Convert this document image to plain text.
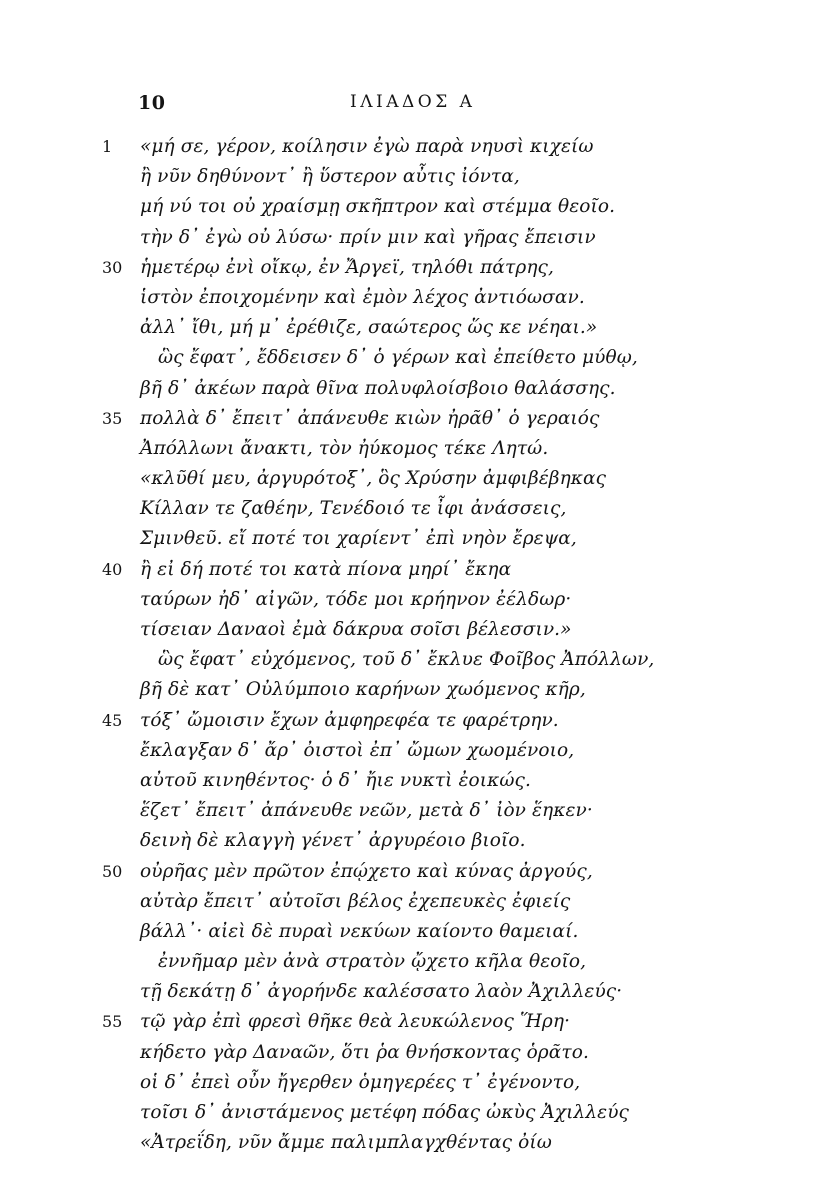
10	ΙΛΙΑΔΟΣ Α
1	«μή σε, γέρον, κοίλησιν ἐγὼ παρὰ νηυσὶ κιχείω
ἢ νῦν δηθύνοντ᾽ ἢ ὕστερον αὖτις ἰόντα,
μή νύ τοι οὐ χραίσμῃ σκῆπτρον καὶ στέμμα θεοῖο.
τὴν δ᾽ ἐγὼ οὐ λύσω· πρίν μιν καὶ γῆρας ἔπεισιν
30 ἡμετέρῳ ἐνὶ οἴκῳ, ἐν Ἄργεϊ, τηλόθι πάτρης,
ἱστὸν ἐποιχομένην καὶ ἐμὸν λέχος ἀντιόωσαν.
ἀλλ᾽ ἴθι, μή μ᾽ ἐρέθιζε, σαώτερος ὥς κε νέηαι.»
ὣς ἔφατ᾽, ἔδδεισεν δ᾽ ὁ γέρων καὶ ἐπείθετο μύθῳ,
βῆ δ᾽ ἀκέων παρὰ θῖνα πολυφλοίσβοιο θαλάσσης.
35 πολλὰ δ᾽ ἔπειτ᾽ ἀπάνευθε κιὼν ἠρᾶθ᾽ ὁ γεραιός
Ἀπόλλωνι ἄνακτι, τὸν ἠύκομος τέκε Λητώ.
«κλῦθί μευ, ἀργυρότοξ᾽, ὃς Χρύσην ἀμφιβέβηκας
Κίλλαν τε ζαθέην, Τενέδοιό τε ἶφι ἀνάσσεις,
Σμινθεῦ. εἴ ποτέ τοι χαρίεντ᾽ ἐπὶ νηὸν ἔρεψα,
40 ἢ εἰ δή ποτέ τοι κατὰ πίονα μηρί᾽ ἔκηα
ταύρων ἠδ᾽ αἰγῶν, τόδε μοι κρήηνον ἐέλδωρ·
τίσειαν Δαναοὶ ἐμὰ δάκρυα σοῖσι βέλεσσιν.»
ὣς ἔφατ᾽ εὐχόμενος, τοῦ δ᾽ ἔκλυε Φοῖβος Ἀπόλλων,
βῆ δὲ κατ᾽ Οὐλύμποιο καρήνων χωόμενος κῆρ,
45 τόξ᾽ ὤμοισιν ἔχων ἀμφηρεφέα τε φαρέτρην.
ἔκλαγξαν δ᾽ ἄρ᾽ ὀιστοὶ ἐπ᾽ ὤμων χωομένοιο,
αὐτοῦ κινηθέντος· ὁ δ᾽ ἤιε νυκτὶ ἐοικώς.
ἕζετ᾽ ἔπειτ᾽ ἀπάνευθε νεῶν, μετὰ δ᾽ ἰὸν ἕηκεν·
δεινὴ δὲ κλαγγὴ γένετ᾽ ἀργυρέοιο βιοῖο.
50 οὐρῆας μὲν πρῶτον ἐπῴχετο καὶ κύνας ἀργούς,
αὐτὰρ ἔπειτ᾽ αὐτοῖσι βέλος ἐχεπευκὲς ἐφιείς
βάλλ᾽· αἰεὶ δὲ πυραὶ νεκύων καίοντο θαμειαί.
ἐννῆμαρ μὲν ἀνὰ στρατὸν ᾤχετο κῆλα θεοῖο,
τῇ δεκάτῃ δ᾽ ἀγορήνδε καλέσσατο λαὸν Ἀχιλλεύς·
55 τῷ γὰρ ἐπὶ φρεσὶ θῆκε θεὰ λευκώλενος Ἥρη·
κήδετο γὰρ Δαναῶν, ὅτι ῥα θνήσκοντας ὁρᾶτο.
οἱ δ᾽ ἐπεὶ οὖν ἤγερθεν ὁμηγερέες τ᾽ ἐγένοντο,
τοῖσι δ᾽ ἀνιστάμενος μετέφη πόδας ὠκὺς Ἀχιλλεύς
«Ἀτρεΐδη, νῦν ἄμμε παλιμπλαγχθέντας ὀίω
